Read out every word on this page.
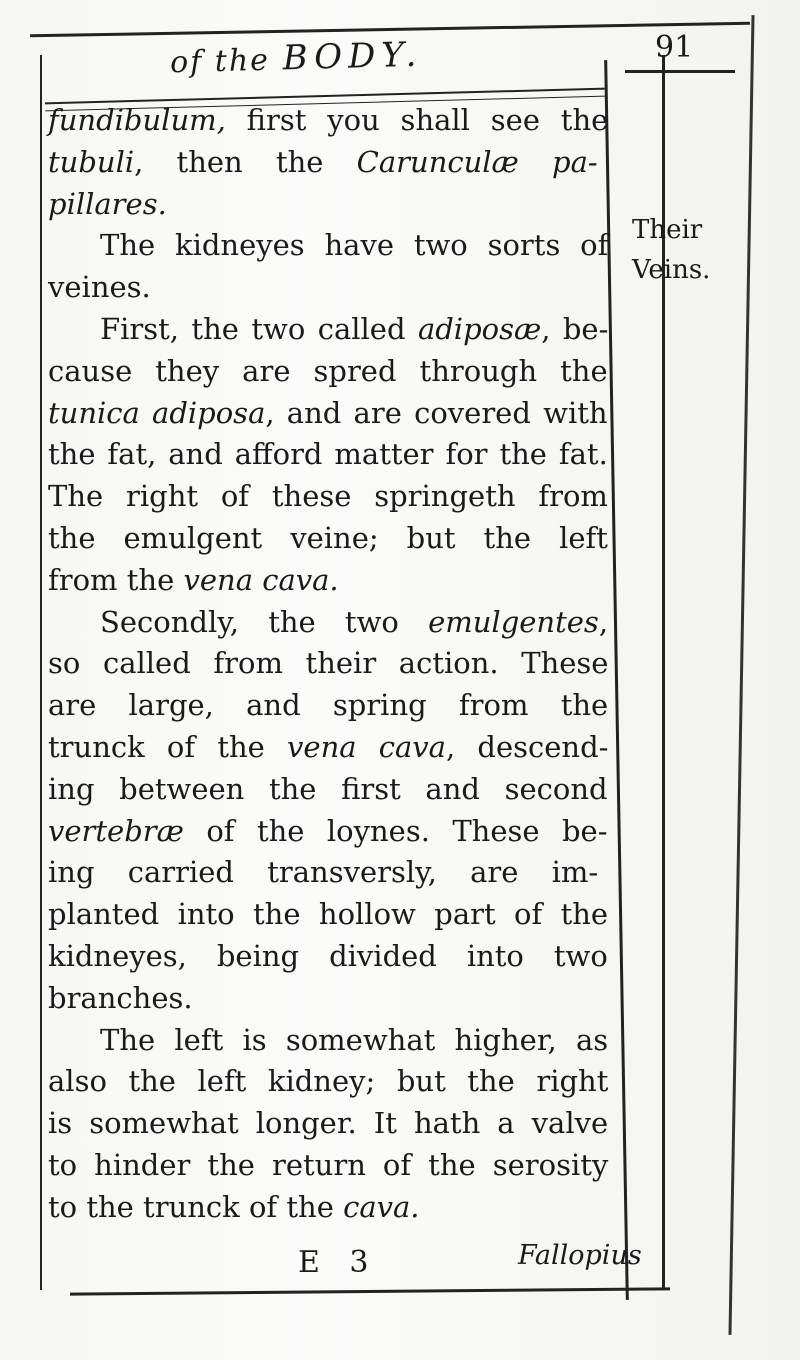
of the BODY.	91
fundibulum, first you shall see the
tubuli, then the Carunculæ pa-
pillares.
The kidneyes have two sorts of
veines.
First, the two called adiposæ, be-
cause they are spred through the
tunica adiposa, and are covered with
the fat, and afford matter for the fat.
The right of these springeth from
the emulgent veine; but the left
from the vena cava.
Secondly, the two emulgentes,
so called from their action. These
are large, and spring from the
trunck of the vena cava, descend-
ing between the first and second
vertebræ of the loynes. These be-
ing carried transversly, are im-
planted into the hollow part of the
kidneyes, being divided into two
branches.
The left is somewhat higher, as
also the left kidney; but the right
is somewhat longer. It hath a valve
to hinder the return of the serosity
to the trunck of the cava.
Their
Veins.
E 3	Fallopius
